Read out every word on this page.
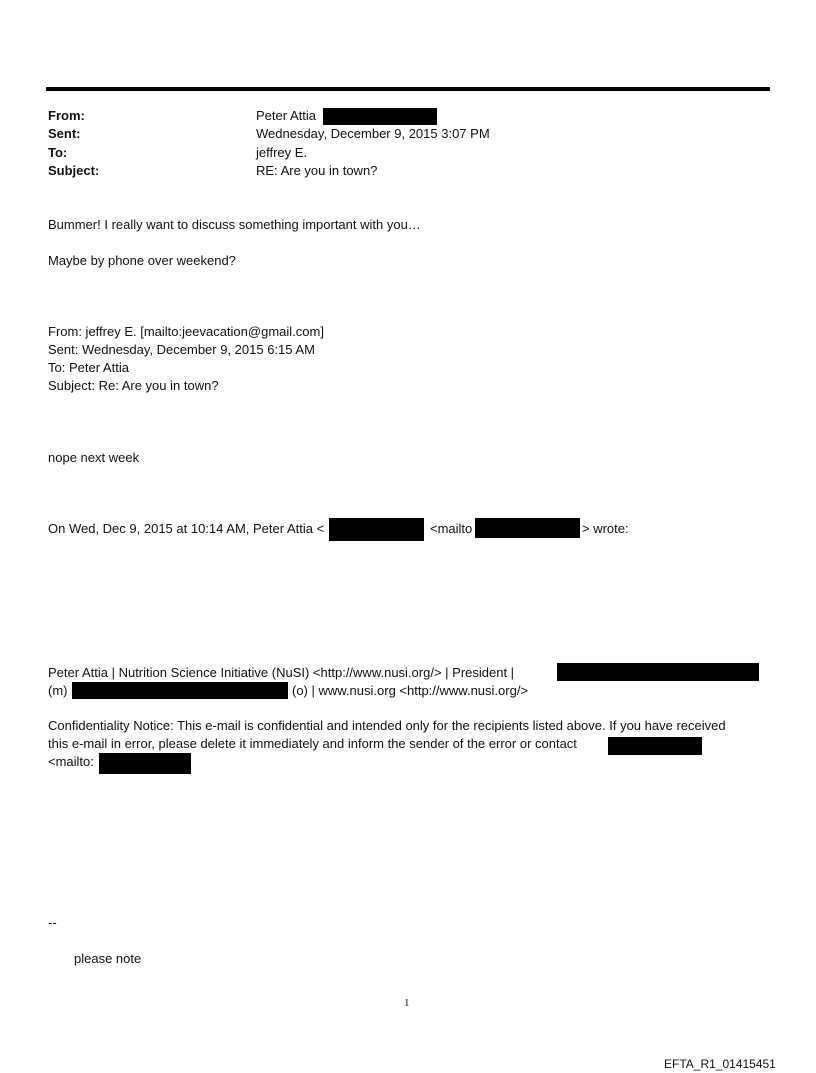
From:	Peter Attia
Sent:	Wednesday, December 9, 2015 3:07 PM
To:	jeffrey E.
Subject:	RE: Are you in town?
Bummer! I really want to discuss something important with you…
Maybe by phone over weekend?
From: jeffrey E. [mailto:jeevacation@gmail.com]
Sent: Wednesday, December 9, 2015 6:15 AM
To: Peter Attia
Subject: Re: Are you in town?
nope next week
On Wed, Dec 9, 2015 at 10:14 AM, Peter Attia <	<mailto	> wrote:
Peter Attia | Nutrition Science Initiative (NuSI) <http://www.nusi.org/> | President |
(m)	(o) | www.nusi.org <http://www.nusi.org/>
Confidentiality Notice: This e-mail is confidential and intended only for the recipients listed above. If you have received
this e-mail in error, please delete it immediately and inform the sender of the error or contact
<mailto:
--
please note
1
EFTA_R1_01415451
